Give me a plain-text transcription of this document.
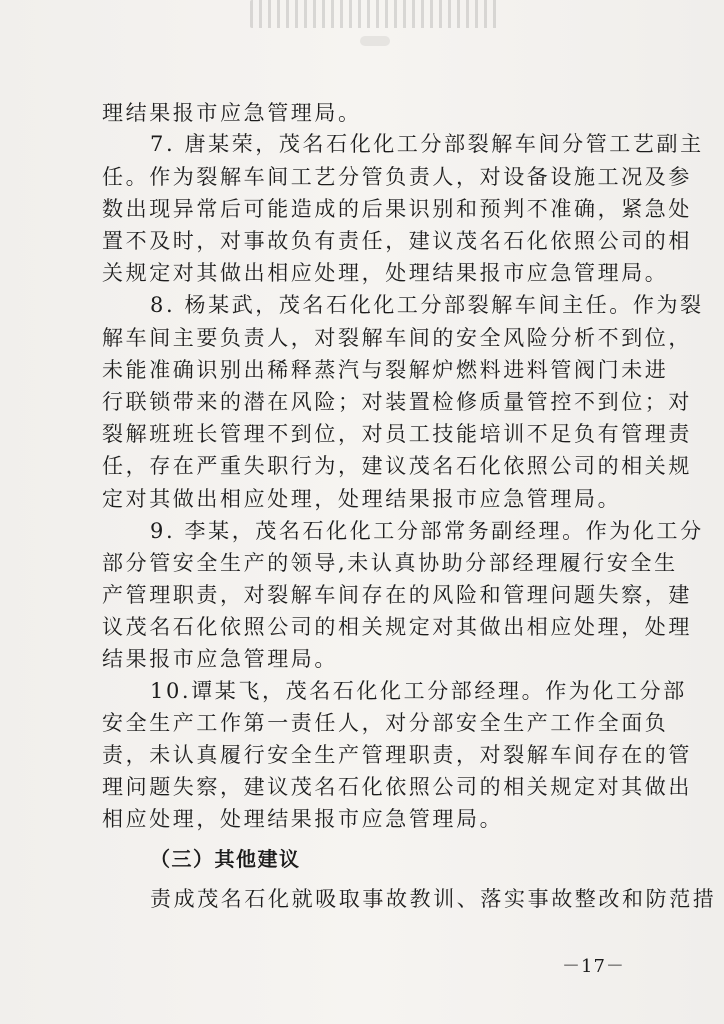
理结果报市应急管理局。
7. 唐某荣，茂名石化化工分部裂解车间分管工艺副主
任。作为裂解车间工艺分管负责人，对设备设施工况及参
数出现异常后可能造成的后果识别和预判不准确，紧急处
置不及时，对事故负有责任，建议茂名石化依照公司的相
关规定对其做出相应处理，处理结果报市应急管理局。
8. 杨某武，茂名石化化工分部裂解车间主任。作为裂
解车间主要负责人，对裂解车间的安全风险分析不到位，
未能准确识别出稀释蒸汽与裂解炉燃料进料管阀门未进
行联锁带来的潜在风险；对装置检修质量管控不到位；对
裂解班班长管理不到位，对员工技能培训不足负有管理责
任，存在严重失职行为，建议茂名石化依照公司的相关规
定对其做出相应处理，处理结果报市应急管理局。
9. 李某，茂名石化化工分部常务副经理。作为化工分
部分管安全生产的领导,未认真协助分部经理履行安全生
产管理职责，对裂解车间存在的风险和管理问题失察，建
议茂名石化依照公司的相关规定对其做出相应处理，处理
结果报市应急管理局。
10.谭某飞，茂名石化化工分部经理。作为化工分部
安全生产工作第一责任人，对分部安全生产工作全面负
责，未认真履行安全生产管理职责，对裂解车间存在的管
理问题失察，建议茂名石化依照公司的相关规定对其做出
相应处理，处理结果报市应急管理局。
（三）其他建议
责成茂名石化就吸取事故教训、落实事故整改和防范措
－17－
